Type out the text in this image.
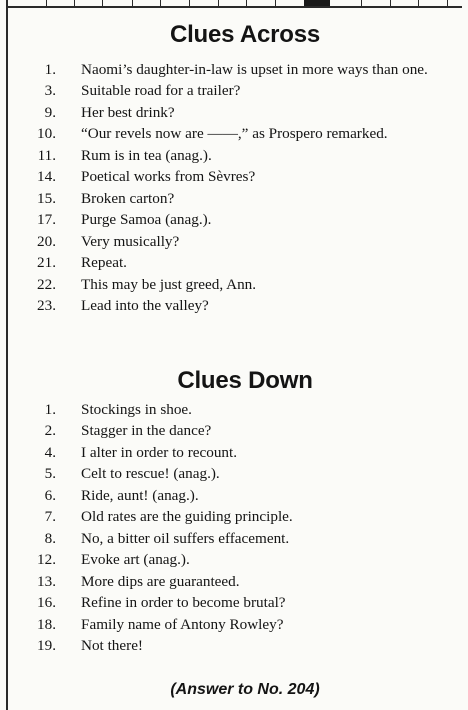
Clues Across
1. Naomi’s daughter-in-law is upset in more ways than one.
3. Suitable road for a trailer?
9. Her best drink?
10. “Our revels now are ——,” as Prospero remarked.
11. Rum is in tea (anag.).
14. Poetical works from Sèvres?
15. Broken carton?
17. Purge Samoa (anag.).
20. Very musically?
21. Repeat.
22. This may be just greed, Ann.
23. Lead into the valley?
Clues Down
1. Stockings in shoe.
2. Stagger in the dance?
4. I alter in order to recount.
5. Celt to rescue! (anag.).
6. Ride, aunt! (anag.).
7. Old rates are the guiding principle.
8. No, a bitter oil suffers effacement.
12. Evoke art (anag.).
13. More dips are guaranteed.
16. Refine in order to become brutal?
18. Family name of Antony Rowley?
19. Not there!

(Answer to No. 204)
